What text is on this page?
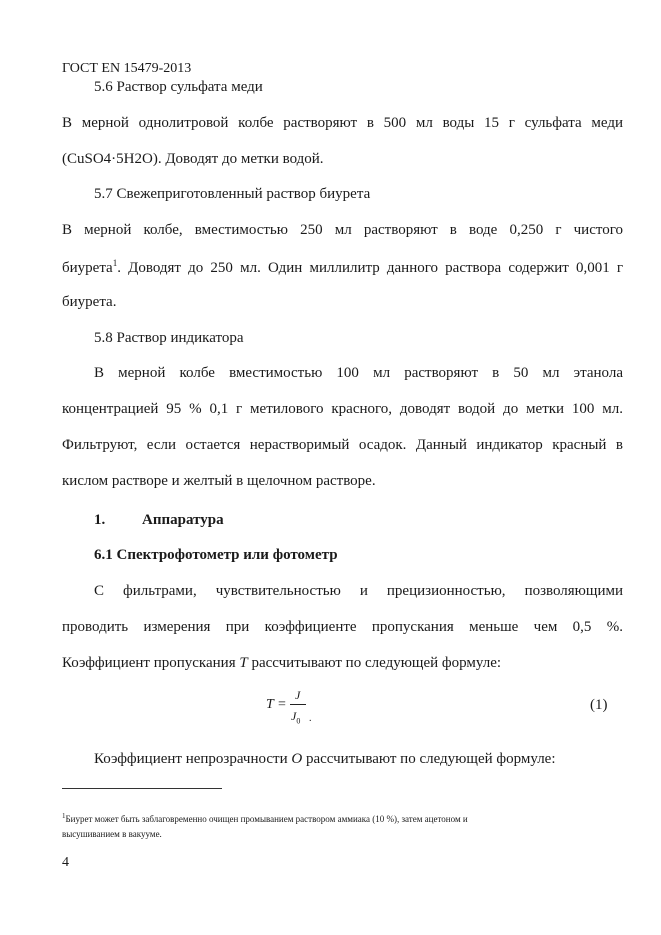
ГОСТ EN 15479-2013
5.6 Раствор сульфата меди
В мерной однолитровой колбе растворяют в 500 мл воды 15 г сульфата меди
(CuSO4·5H2O). Доводят до метки водой.
5.7 Свежеприготовленный раствор биурета
В мерной колбе, вместимостью 250 мл растворяют в воде 0,250 г чистого
биурета$^1$. Доводят до 250 мл. Один миллилитр данного раствора содержит 0,001 г
биурета.
5.8 Раствор индикатора
В мерной колбе вместимостью 100 мл растворяют в 50 мл этанола
концентрацией 95 % 0,1 г метилового красного, доводят водой до метки 100 мл.
Фильтруют, если остается нерастворимый осадок. Данный индикатор красный в
кислом растворе и желтый в щелочном растворе.
1. Аппаратура
6.1 Спектрофотометр или фотометр
С фильтрами, чувствительностью и прецизионностью, позволяющими
проводить измерения при коэффициенте пропускания меньше чем 0,5 %.
Коэффициент пропускания T рассчитывают по следующей формуле:
T =
J
$J_0$ .
(1)
Коэффициент непрозрачности O рассчитывают по следующей формуле:
$^1$Биурет может быть заблаговременно очищен промыванием раствором аммиака (10 %), затем ацетоном и
высушиванием в вакууме.
4
